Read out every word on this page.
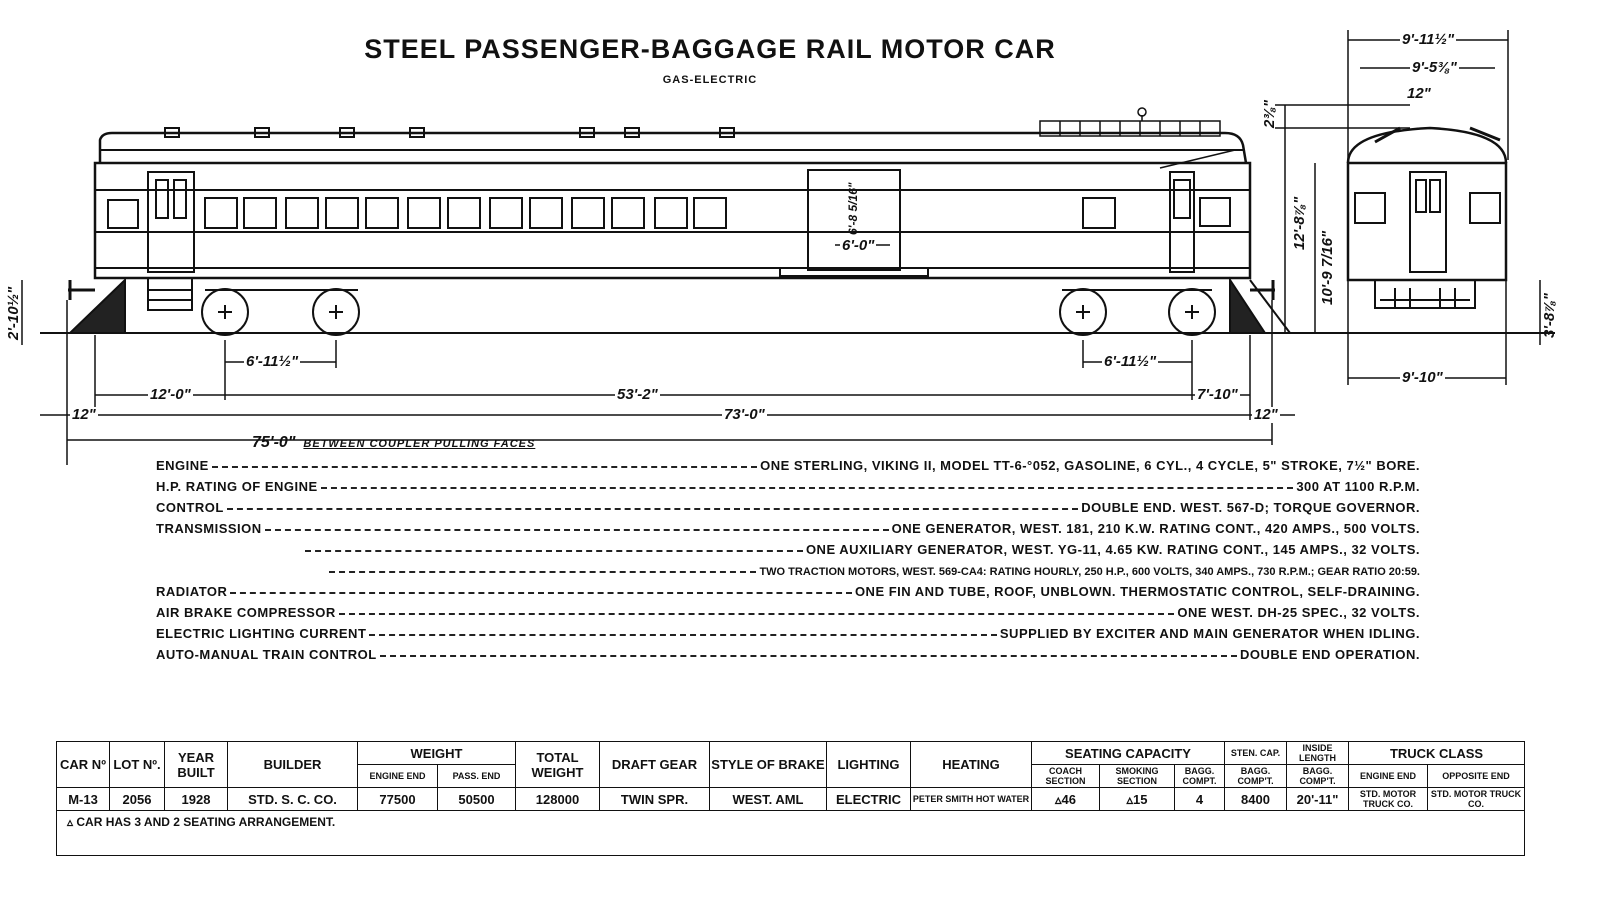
STEEL PASSENGER-BAGGAGE RAIL MOTOR CAR
GAS-ELECTRIC
9'-11½"
9'-5⅜"
12"
2⅜"
12'-8⅞"
10'-9 7/16"
3'-8⅞"
9'-10"
2'-10½"
6'-8 5/16"
6'-0"
6'-11½"	6'-11½"
12'-0"	53'-2"	7'-10"
12"	12"
73'-0"
75'-0" BETWEEN COUPLER PULLING FACES
ENGINE	ONE STERLING, VIKING II, MODEL TT-6-°052, GASOLINE, 6 CYL., 4 CYCLE, 5" STROKE, 7½" BORE.
H.P. RATING OF ENGINE	300 AT 1100 R.P.M.
CONTROL	DOUBLE END. WEST. 567-D; TORQUE GOVERNOR.
TRANSMISSION	ONE GENERATOR, WEST. 181, 210 K.W. RATING CONT., 420 AMPS., 500 VOLTS.
ONE AUXILIARY GENERATOR, WEST. YG-11, 4.65 KW. RATING CONT., 145 AMPS., 32 VOLTS.
TWO TRACTION MOTORS, WEST. 569-CA4: RATING HOURLY, 250 H.P., 600 VOLTS, 340 AMPS., 730 R.P.M.; GEAR RATIO 20:59.
RADIATOR	ONE FIN AND TUBE, ROOF, UNBLOWN. THERMOSTATIC CONTROL, SELF-DRAINING.
AIR BRAKE COMPRESSOR	ONE WEST. DH-25 SPEC., 32 VOLTS.
ELECTRIC LIGHTING CURRENT	SUPPLIED BY EXCITER AND MAIN GENERATOR WHEN IDLING.
AUTO-MANUAL TRAIN CONTROL	DOUBLE END OPERATION.
CAR Nº	LOT Nº.	YEAR BUILT	BUILDER	WEIGHT		TOTAL WEIGHT	DRAFT GEAR	STYLE OF BRAKE	LIGHTING	HEATING	SEATING CAPACITY			STEN. CAP.	INSIDE LENGTH	TRUCK CLASS	
				ENGINE END	PASS. END						COACH SECTION	SMOKING SECTION	BAGG. COMPT.	BAGG. COMP'T.	BAGG. COMP'T.	ENGINE END	OPPOSITE END
M-13	2056	1928	STD. S. C. CO.	77500	50500	128000	TWIN SPR.	WEST. AML	ELECTRIC	PETER SMITH HOT WATER	▵46	▵15	4	8400	20'-11"	STD. MOTOR TRUCK CO.	STD. MOTOR TRUCK CO.
▵ CAR HAS 3 AND 2 SEATING ARRANGEMENT.																	
